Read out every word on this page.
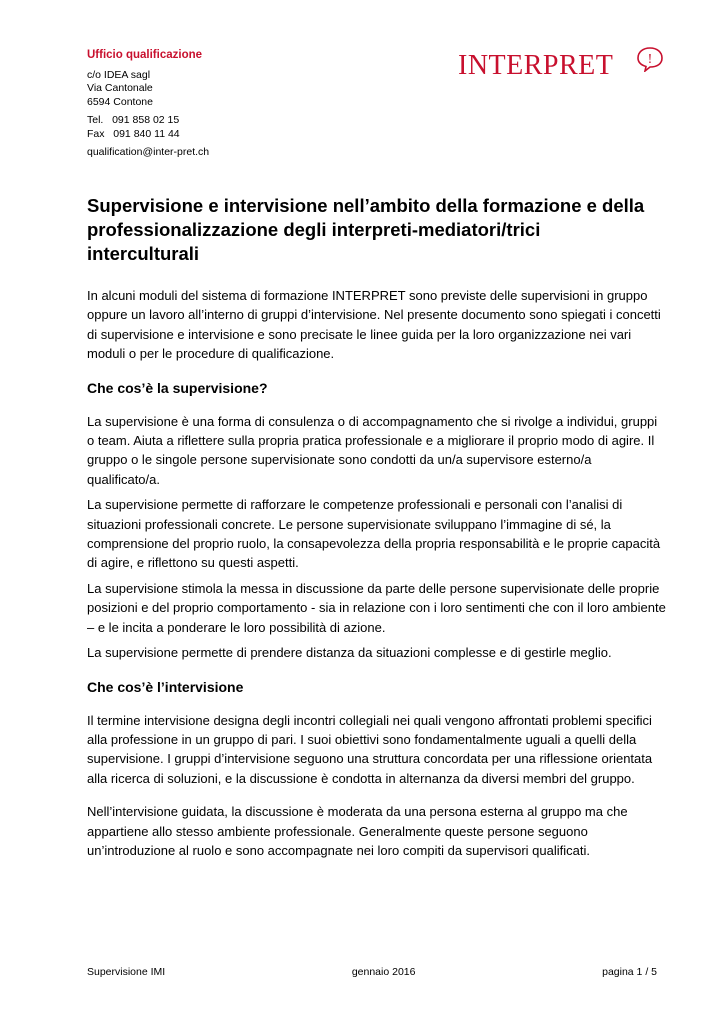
Ufficio qualificazione
c/o IDEA sagl
Via Cantonale
6594 Contone
Tel.   091 858 02 15
Fax   091 840 11 44
qualification@inter-pret.ch
INTERPRET !
Supervisione e intervisione nell’ambito della formazione e della professionalizzazione degli interpreti-mediatori/trici interculturali

In alcuni moduli del sistema di formazione INTERPRET sono previste delle supervisioni in gruppo oppure un lavoro all’interno di gruppi d’intervisione. Nel presente documento sono spiegati i concetti di supervisione e intervisione e sono precisate le linee guida per la loro organizzazione nei vari moduli o per le procedure di qualificazione.

Che cos’è la supervisione?

La supervisione è una forma di consulenza o di accompagnamento che si rivolge a individui, gruppi o team. Aiuta a riflettere sulla propria pratica professionale e a migliorare il proprio modo di agire. Il gruppo o le singole persone supervisionate sono condotti da un/a supervisore esterno/a qualificato/a.

La supervisione permette di rafforzare le competenze professionali e personali con l’analisi di situazioni professionali concrete. Le persone supervisionate sviluppano l’immagine di sé, la comprensione del proprio ruolo, la consapevolezza della propria responsabilità e le proprie capacità di agire, e riflettono su questi aspetti.

La supervisione stimola la messa in discussione da parte delle persone supervisionate delle proprie posizioni e del proprio comportamento - sia in relazione con i loro sentimenti che con il loro ambiente – e le incita a ponderare le loro possibilità di azione.

La supervisione permette di prendere distanza da situazioni complesse e di gestirle meglio.

Che cos’è l’intervisione

Il termine intervisione designa degli incontri collegiali nei quali vengono affrontati problemi specifici alla professione in un gruppo di pari. I suoi obiettivi sono fondamentalmente uguali a quelli della supervisione. I gruppi d’intervisione seguono una struttura concordata per una riflessione orientata alla ricerca di soluzioni, e la discussione è condotta in alternanza da diversi membri del gruppo.

Nell’intervisione guidata, la discussione è moderata da una persona esterna al gruppo ma che appartiene allo stesso ambiente professionale. Generalmente queste persone seguono un’introduzione al ruolo e sono accompagnate nei loro compiti da supervisori qualificati.

Supervisione IMI	gennaio 2016	pagina 1 / 5
